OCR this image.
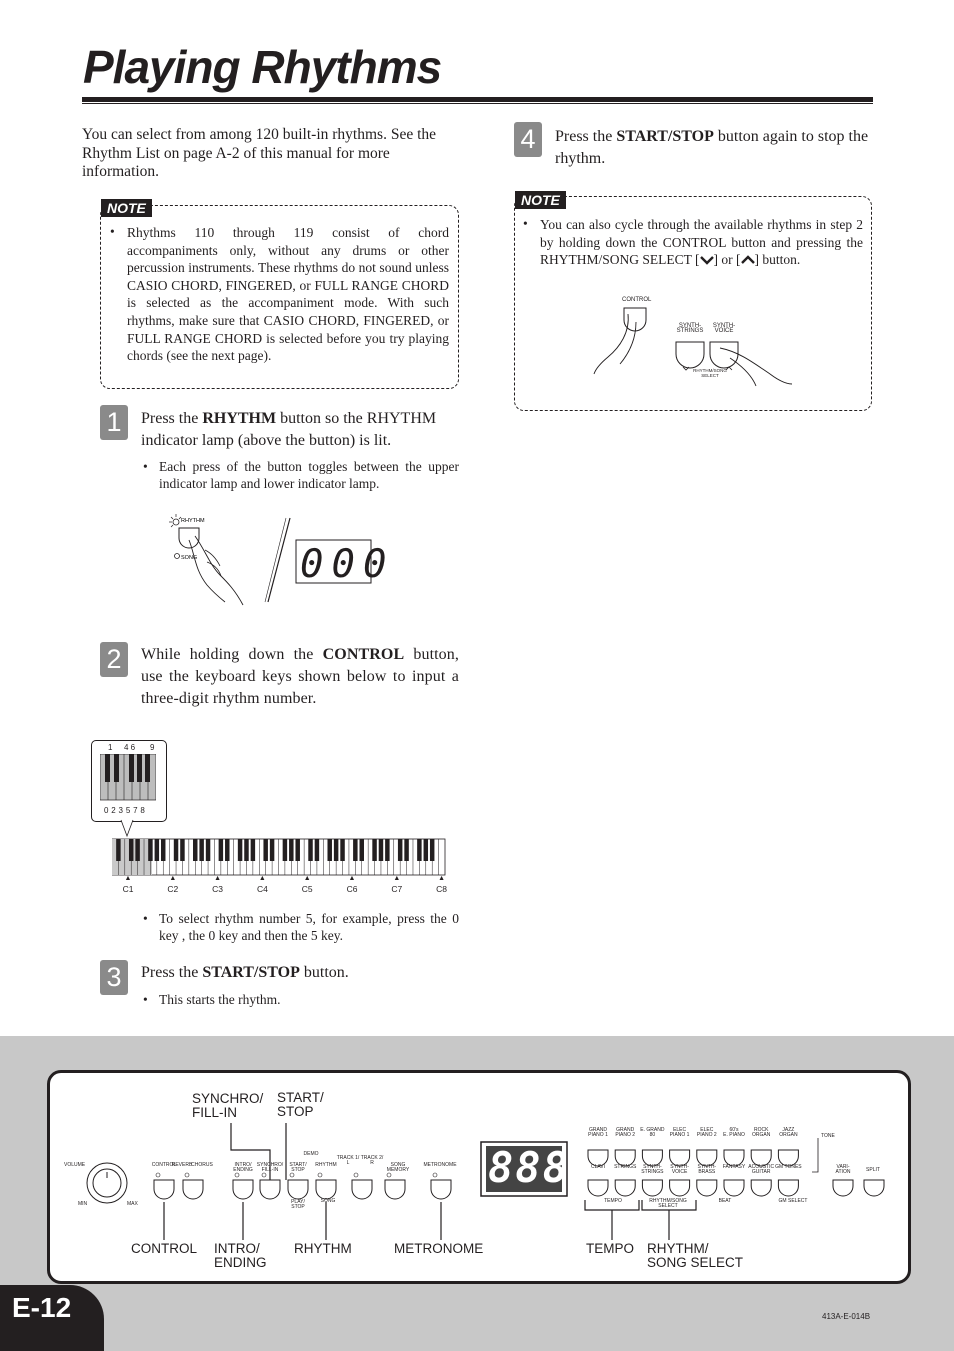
Playing Rhythms
You can select from among 120 built-in rhythms. See the Rhythm List on page A-2 of this manual for more information.
NOTE
• Rhythms 110 through 119 consist of chord accompaniments only, without any drums or other percussion instruments. These rhythms do not sound unless CASIO CHORD, FINGERED, or FULL RANGE CHORD is selected as the accompaniment mode. With such rhythms, make sure that CASIO CHORD, FINGERED, or FULL RANGE CHORD is selected before you try playing chords (see the next page).
1	Press the RHYTHM button so the RHYTHM indicator lamp (above the button) is lit.
• Each press of the button toggles between the upper indicator lamp and lower indicator lamp.
RHYTHM
SONG	000
2	While holding down the CONTROL button, use the keyboard keys shown below to input a three-digit rhythm number.
1 4 6 9
0 2 3 5 7 8
▲
C1
▲
C2
▲
C3
▲
C4
▲
C5
▲
C6
▲
C7
▲
C8
• To select rhythm number 5, for example, press the 0 key , the 0 key and then the 5 key.
3	Press the START/STOP button.
• This starts the rhythm.
4	Press the START/STOP button again to stop the rhythm.
NOTE
• You can also cycle through the available rhythms in step 2 by holding down the CONTROL button and pressing the RHYTHM/SONG SELECT [ ] or [ ] button.
CONTROL
SYNTH-
STRINGS
SYNTH-
VOICE
RHYTHM/SONG
SELECT
SYNCHRO/
FILL-IN
START/
STOP
888
VOLUME
MIN	MAX
TONE
CONTROL
REVERB
CHORUS	INTRO/
ENDING
SYNCHRO/
FILL-IN
START/
STOP
RHYTHM	SONG
MEMORY
METRONOME
GRAND
PIANO 1
GRAND
PIANO 2
E. GRAND
80
ELEC
PIANO 1
ELEC
PIANO 2
60's
E. PIANO
ROCK
ORGAN
JAZZ
ORGAN
CLAVI	STRINGS	SYNTH-
STRINGS
SYNTH-
VOICE
SYNTH-
BRASS
FANTASY ACOUSTIC
GUITAR
GM TONES	VARI-
ATION	SPLIT
DEMO
TRACK 1/
L
TRACK 2/
R
PLAY/
STOP
SONG	TEMPO	RHYTHM/SONG
SELECT
BEAT	GM SELECT
CONTROL INTRO/
ENDING
RHYTHM	METRONOME	TEMPO RHYTHM/
SONG SELECT
E-12	413A-E-014B
